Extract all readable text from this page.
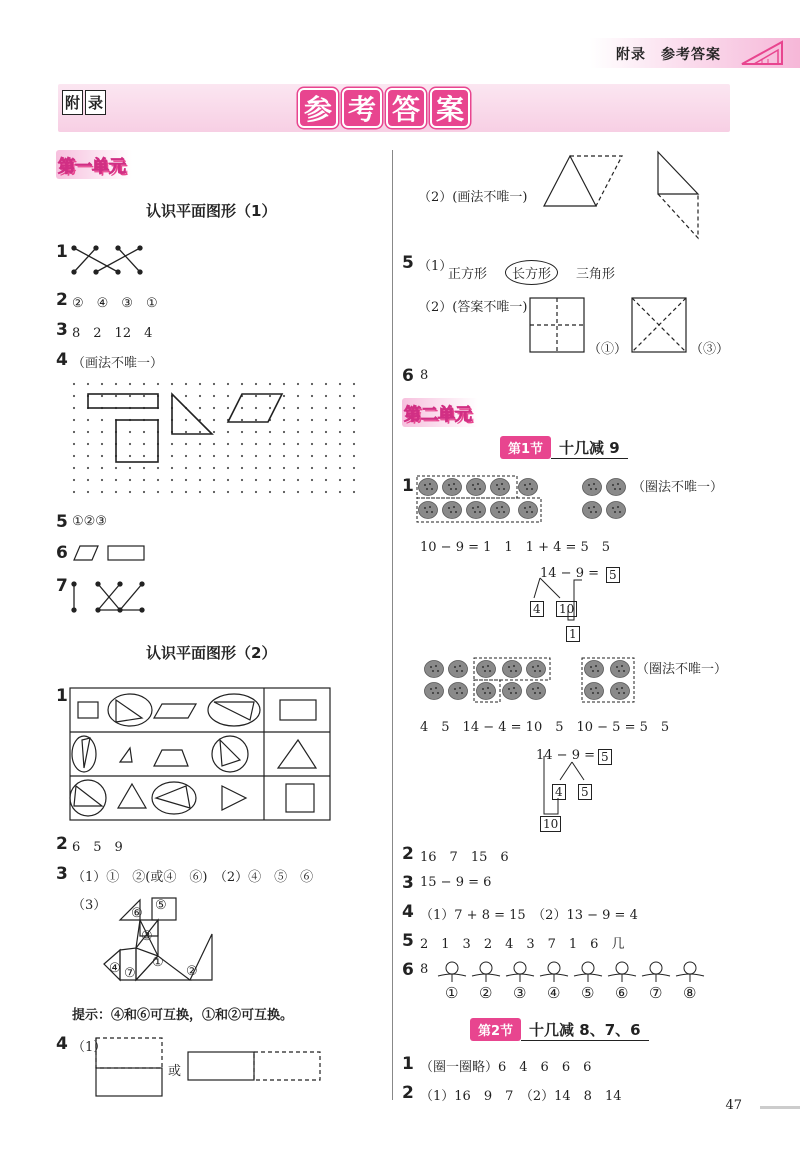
附录　参考答案
附 录	参 考 答 案
第一单元
认识平面图形（1）
1
2 ②　④　③　①
3 8　2　12　4
4 （画法不唯一）
5 ①②③
6
7
认识平面图形（2）
1
2 6　5　9
3 （1）①　②(或④　⑥)　（2）④　⑤　⑥
（3）
⑥
⑤
③
①
④ ⑦	②
提示：④和⑥可互换，①和②可互换。
4 （1）
或
（2）(画法不唯一)
5 （1）
正方形	长方形	三角形
（2）(答案不唯一)
（①）	（③）
6 8
第二单元
第1节	十几减 9
1	（圈法不唯一）
10 − 9 = 1　1　1 + 4 = 5　5
14 − 9 = 5
4 10
1
（圈法不唯一）
4　5　14 − 4 = 10　5　10 − 5 = 5　5
14 − 9 = 5
4 5
10
2 16　7　15　6
3 15 − 9 = 6
4 （1）7 + 8 = 15　（2）13 − 9 = 4
5 2　1　3　2　4　3　7　1　6　几
6 8
① ② ③ ④ ⑤ ⑥ ⑦ ⑧
第2节	十几减 8、7、6
1 （圈一圈略）6　4　6　6　6
2 （1）16　9　7　（2）14　8　14
47
